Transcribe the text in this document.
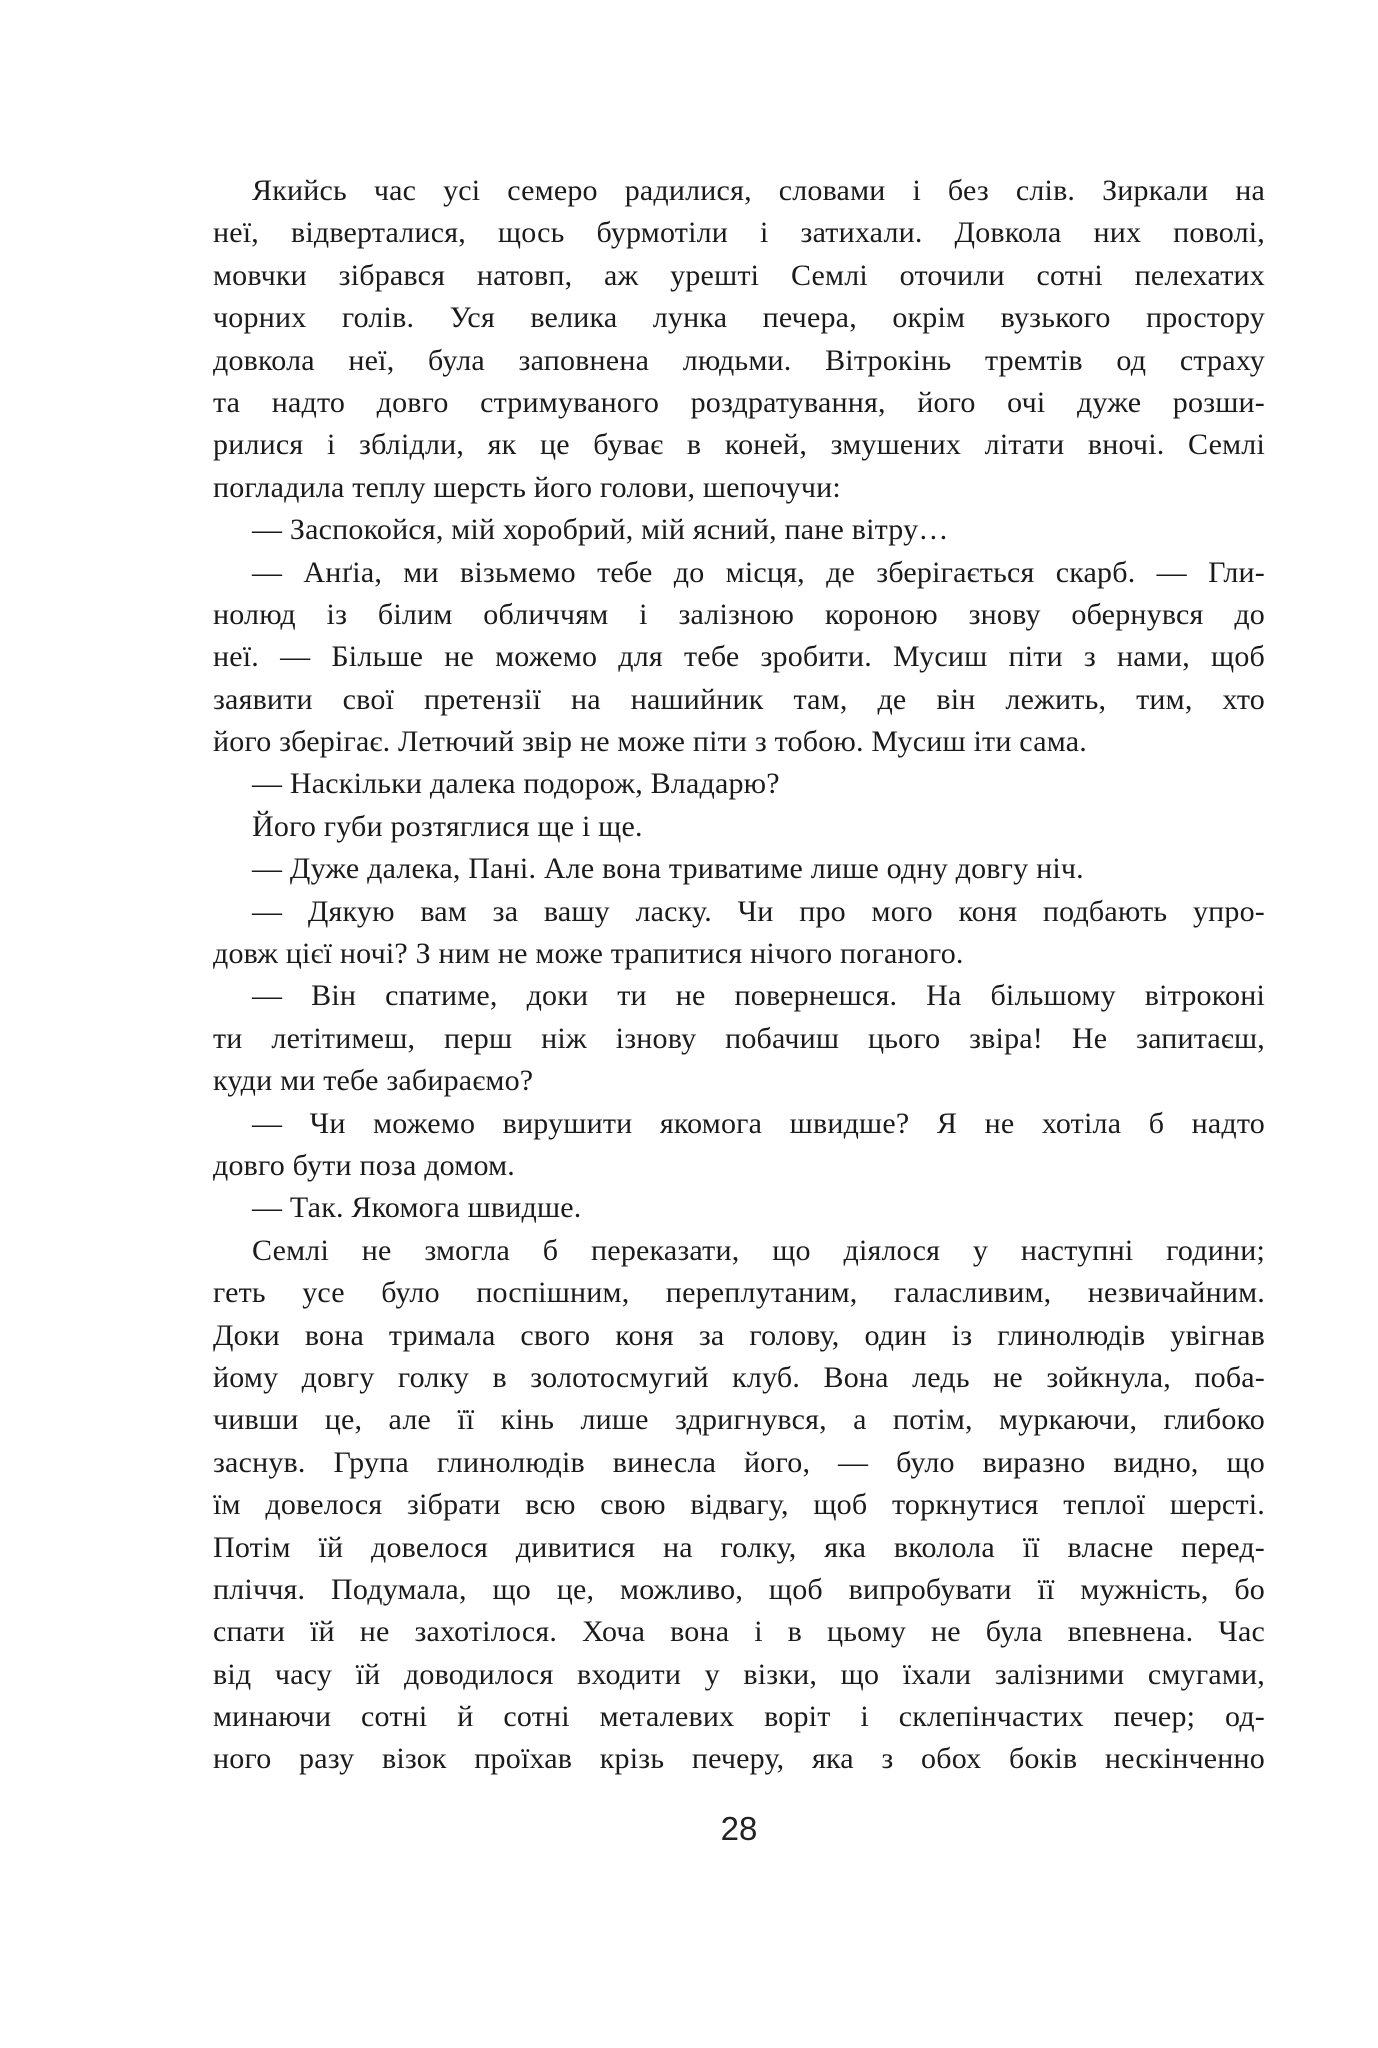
Якийсь час усі семеро радилися, словами і без слів. Зиркали на
неї, відверталися, щось бурмотіли і затихали. Довкола них поволі,
мовчки зібрався натовп, аж урешті Семлі оточили сотні пелехатих
чорних голів. Уся велика лунка печера, окрім вузького простору
довкола неї, була заповнена людьми. Вітрокінь тремтів од страху
та надто довго стримуваного роздратування, його очі дуже розши-
рилися і зблідли, як це буває в коней, змушених літати вночі. Семлі
погладила теплу шерсть його голови, шепочучи:
— Заспокойся, мій хоробрий, мій ясний, пане вітру…
— Анґіа, ми візьмемо тебе до місця, де зберігається скарб. — Гли-
нолюд із білим обличчям і залізною короною знову обернувся до
неї. — Більше не можемо для тебе зробити. Мусиш піти з нами, щоб
заявити свої претензії на нашийник там, де він лежить, тим, хто
його зберігає. Летючий звір не може піти з тобою. Мусиш іти сама.
— Наскільки далека подорож, Владарю?
Його губи розтяглися ще і ще.
— Дуже далека, Пані. Але вона триватиме лише одну довгу ніч.
— Дякую вам за вашу ласку. Чи про мого коня подбають упро-
довж цієї ночі? З ним не може трапитися нічого поганого.
— Він спатиме, доки ти не повернешся. На більшому вітроконі
ти летітимеш, перш ніж ізнову побачиш цього звіра! Не запитаєш,
куди ми тебе забираємо?
— Чи можемо вирушити якомога швидше? Я не хотіла б надто
довго бути поза домом.
— Так. Якомога швидше.
Семлі не змогла б переказати, що діялося у наступні години;
геть усе було поспішним, переплутаним, галасливим, незвичайним.
Доки вона тримала свого коня за голову, один із глинолюдів увігнав
йому довгу голку в золотосмугий клуб. Вона ледь не зойкнула, поба-
чивши це, але її кінь лише здригнувся, а потім, муркаючи, глибоко
заснув. Група глинолюдів винесла його, — було виразно видно, що
їм довелося зібрати всю свою відвагу, щоб торкнутися теплої шерсті.
Потім їй довелося дивитися на голку, яка вколола її власне перед-
пліччя. Подумала, що це, можливо, щоб випробувати її мужність, бо
спати їй не захотілося. Хоча вона і в цьому не була впевнена. Час
від часу їй доводилося входити у візки, що їхали залізними смугами,
минаючи сотні й сотні металевих воріт і склепінчастих печер; од-
ного разу візок проїхав крізь печеру, яка з обох боків нескінченно
28
